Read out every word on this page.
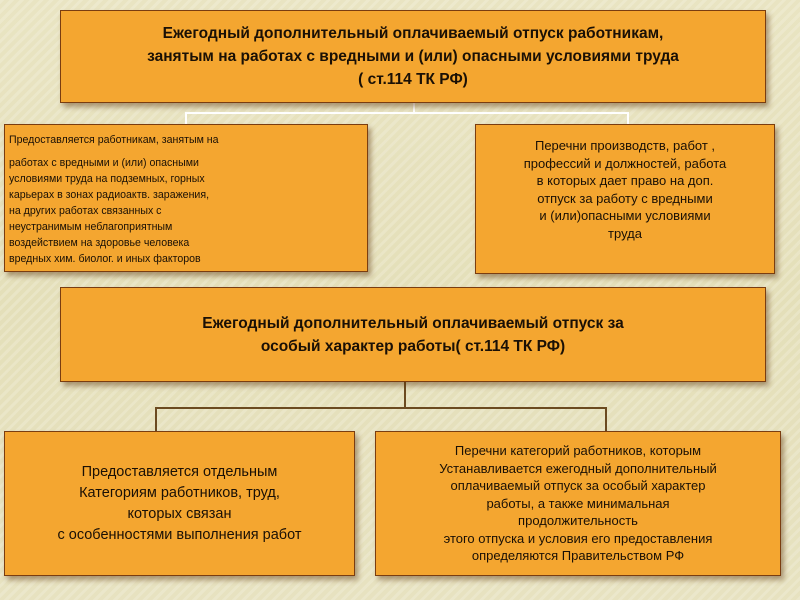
Ежегодный дополнительный оплачиваемый отпуск работникам,
занятым на работах с вредными и (или) опасными условиями труда
( ст.114 ТК РФ)
Предоставляется работникам, занятым на
работах с вредными и (или) опасными
условиями труда на подземных, горных
карьерах в зонах радиоактв. заражения,
на других работах связанных с
неустранимым неблагоприятным
воздействием на здоровье человека
вредных хим. биолог. и иных факторов
Перечни производств, работ ,
профессий и должностей, работа
в которых дает право на доп.
отпуск за работу с вредными
и (или)опасными условиями
труда
Ежегодный дополнительный оплачиваемый отпуск за
особый характер работы( ст.114 ТК РФ)
Предоставляется отдельным
Категориям работников, труд,
которых связан
с особенностями выполнения работ
Перечни категорий работников, которым
Устанавливается ежегодный дополнительный
оплачиваемый отпуск за особый характер
работы, а также минимальная
продолжительность
этого отпуска и условия его предоставления
определяются Правительством РФ
